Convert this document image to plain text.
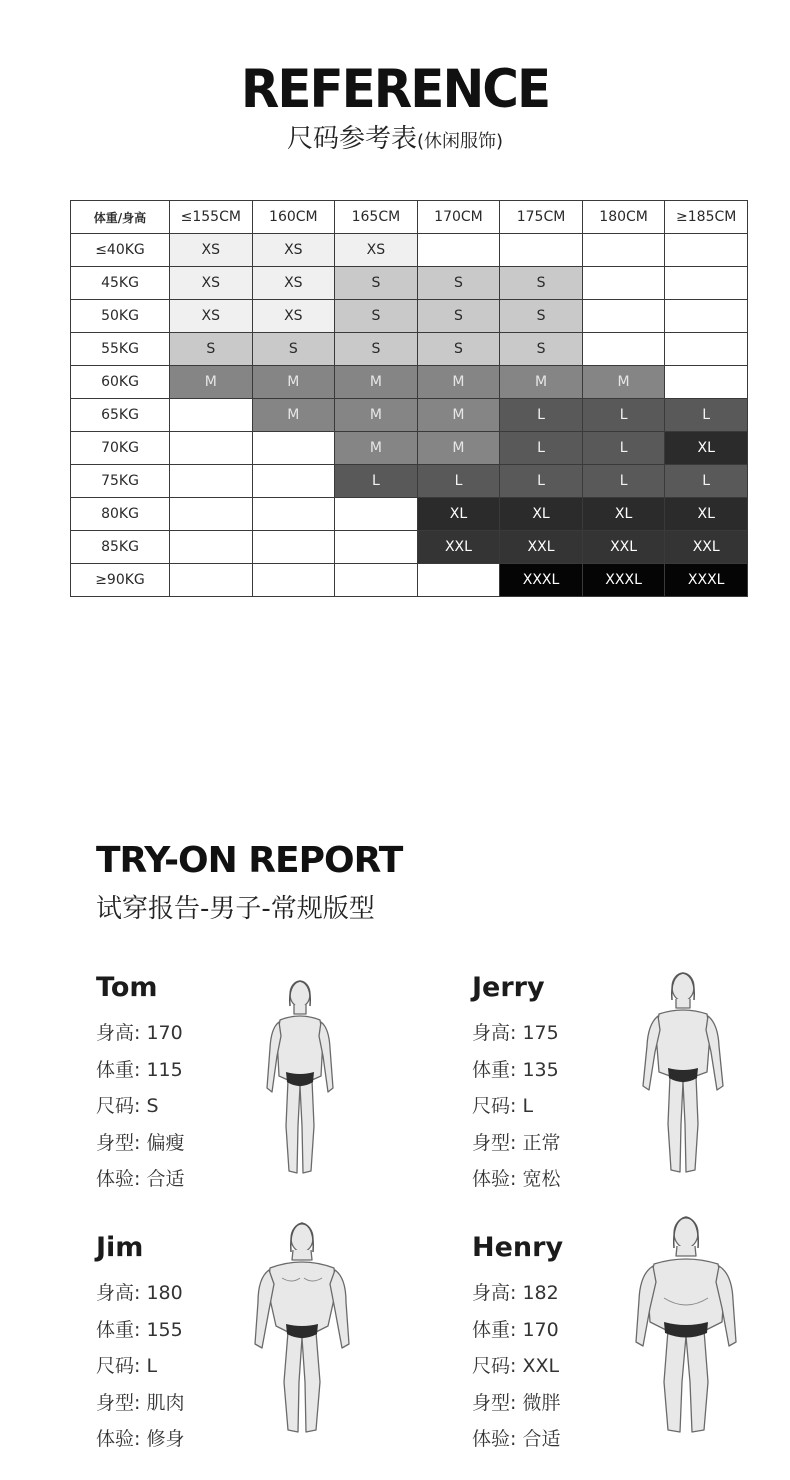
REFERENCE
尺码参考表(休闲服饰)
体重/身高	≤155CM	160CM	165CM	170CM	175CM	180CM	≥185CM
≤40KG	XS	XS	XS				
45KG	XS	XS	S	S	S		
50KG	XS	XS	S	S	S		
55KG	S	S	S	S	S		
60KG	M	M	M	M	M	M	
65KG		M	M	M	L	L	L
70KG			M	M	L	L	XL
75KG			L	L	L	L	L
80KG				XL	XL	XL	XL
85KG				XXL	XXL	XXL	XXL
≥90KG					XXXL	XXXL	XXXL
TRY-ON REPORT
试穿报告-男子-常规版型
Tom
身高: 170
体重: 115
尺码: S
身型: 偏瘦
体验: 合适
Jerry
身高: 175
体重: 135
尺码: L
身型: 正常
体验: 宽松
Jim
身高: 180
体重: 155
尺码: L
身型: 肌肉
体验: 修身
Henry
身高: 182
体重: 170
尺码: XXL
身型: 微胖
体验: 合适
